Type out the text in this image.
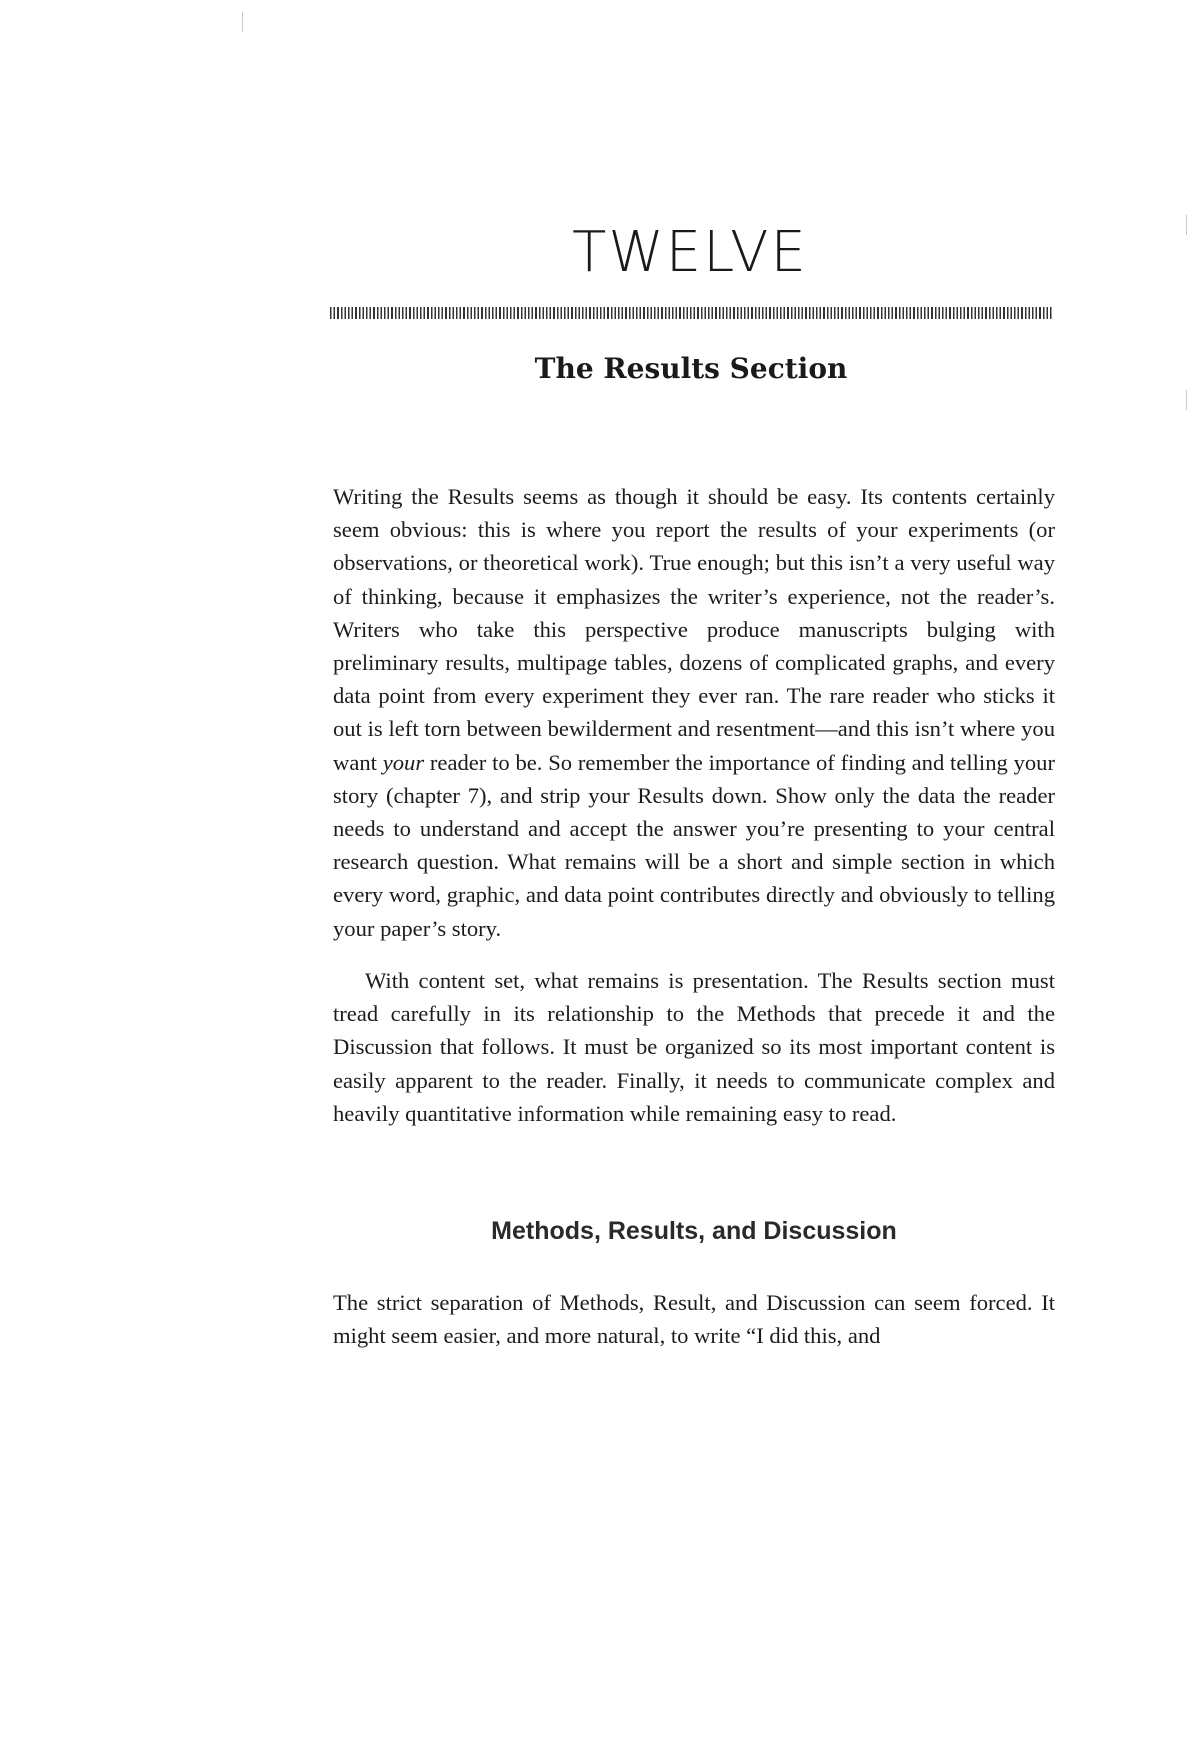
TWELVE
The Results Section

Writing the Results seems as though it should be easy. Its contents certainly seem obvious: this is where you report the results of your experiments (or observations, or theoretical work). True enough; but this isn’t a very useful way of thinking, because it emphasizes the writer’s experience, not the reader’s. Writers who take this perspective produce manuscripts bulging with preliminary results, multipage tables, dozens of complicated graphs, and every data point from every experiment they ever ran. The rare reader who sticks it out is left torn between bewilderment and resentment—and this isn’t where you want your reader to be. So remember the importance of finding and telling your story (chapter 7), and strip your Results down. Show only the data the reader needs to understand and accept the answer you’re presenting to your central research question. What remains will be a short and simple section in which every word, graphic, and data point contributes directly and obviously to telling your paper’s story.

With content set, what remains is presentation. The Results section must tread carefully in its relationship to the Methods that precede it and the Discussion that follows. It must be organized so its most important content is easily apparent to the reader. Finally, it needs to communicate complex and heavily quantitative information while remaining easy to read.

Methods, Results, and Discussion

The strict separation of Methods, Result, and Discussion can seem forced. It might seem easier, and more natural, to write “I did this, and
